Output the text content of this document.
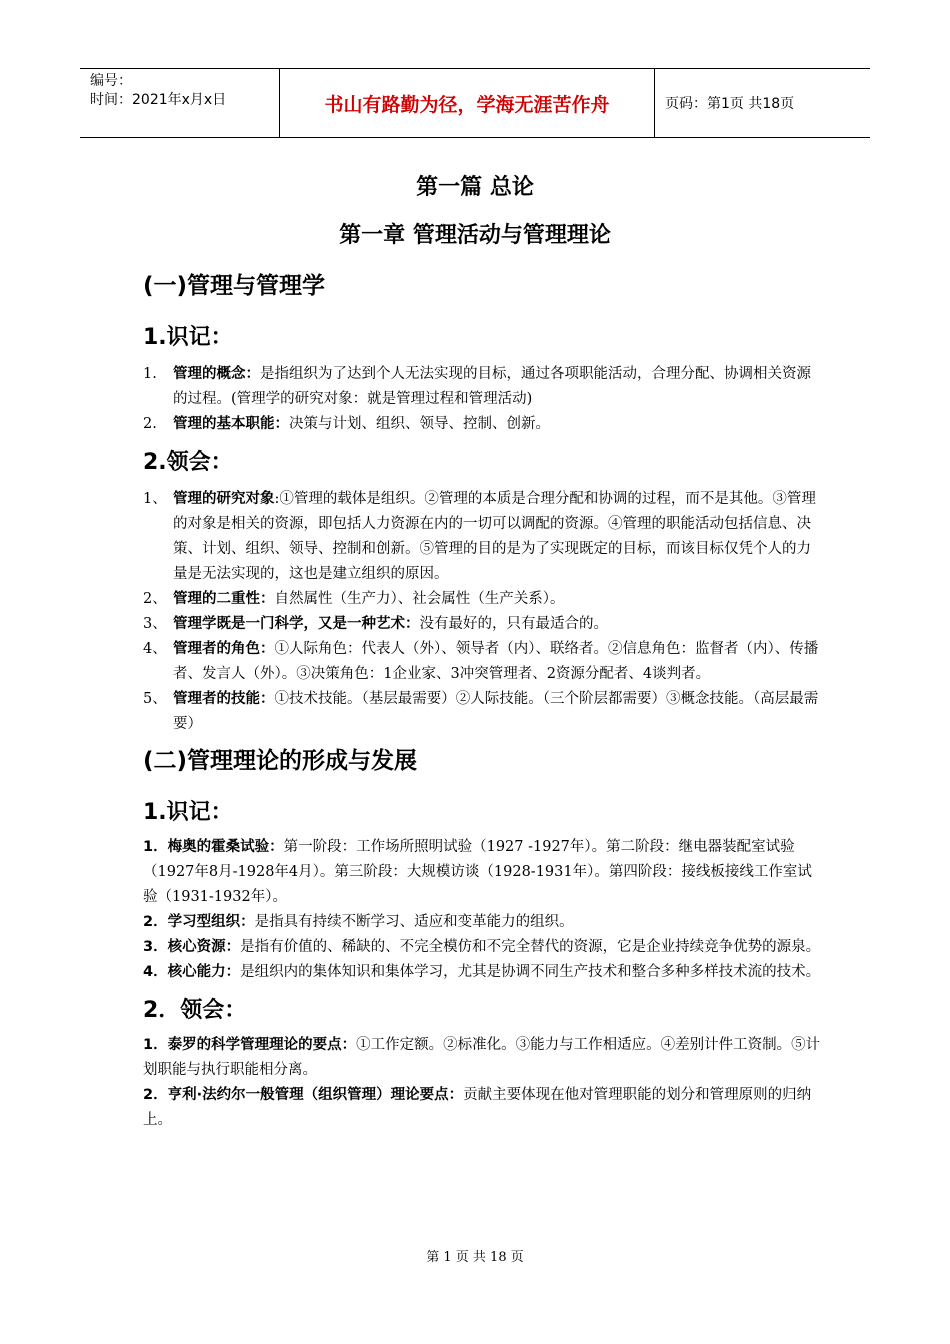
编号：
时间：2021年x月x日	书山有路勤为径，学海无涯苦作舟	页码：第1页 共18页
第一篇 总论
第一章 管理活动与管理理论
(一)管理与管理学
1.识记：
1. 管理的概念：是指组织为了达到个人无法实现的目标，通过各项职能活动，合理分配、协调相关资源的过程。(管理学的研究对象：就是管理过程和管理活动)
2. 管理的基本职能：决策与计划、组织、领导、控制、创新。
2.领会：
1、 管理的研究对象:①管理的载体是组织。②管理的本质是合理分配和协调的过程，而不是其他。③管理的对象是相关的资源，即包括人力资源在内的一切可以调配的资源。④管理的职能活动包括信息、决策、计划、组织、领导、控制和创新。⑤管理的目的是为了实现既定的目标，而该目标仅凭个人的力量是无法实现的，这也是建立组织的原因。
2、 管理的二重性：自然属性（生产力）、社会属性（生产关系）。
3、 管理学既是一门科学，又是一种艺术：没有最好的，只有最适合的。
4、 管理者的角色：①人际角色：代表人（外）、领导者（内）、联络者。②信息角色：监督者（内）、传播者、发言人（外）。③决策角色：1企业家、3冲突管理者、2资源分配者、4谈判者。
5、 管理者的技能：①技术技能。（基层最需要）②人际技能。（三个阶层都需要）③概念技能。（高层最需要）
(二)管理理论的形成与发展
1.识记：
1．梅奥的霍桑试验：第一阶段：工作场所照明试验（1927 -1927年）。第二阶段：继电器装配室试验（1927年8月-1928年4月）。第三阶段：大规模访谈（1928-1931年）。第四阶段：接线板接线工作室试验（1931-1932年）。
2．学习型组织：是指具有持续不断学习、适应和变革能力的组织。
3．核心资源：是指有价值的、稀缺的、不完全模仿和不完全替代的资源，它是企业持续竞争优势的源泉。
4．核心能力：是组织内的集体知识和集体学习，尤其是协调不同生产技术和整合多种多样技术流的技术。
2．领会：
1．泰罗的科学管理理论的要点：①工作定额。②标准化。③能力与工作相适应。④差别计件工资制。⑤计划职能与执行职能相分离。
2．亨利·法约尔一般管理（组织管理）理论要点：贡献主要体现在他对管理职能的划分和管理原则的归纳上。
第 1 页 共 18 页
